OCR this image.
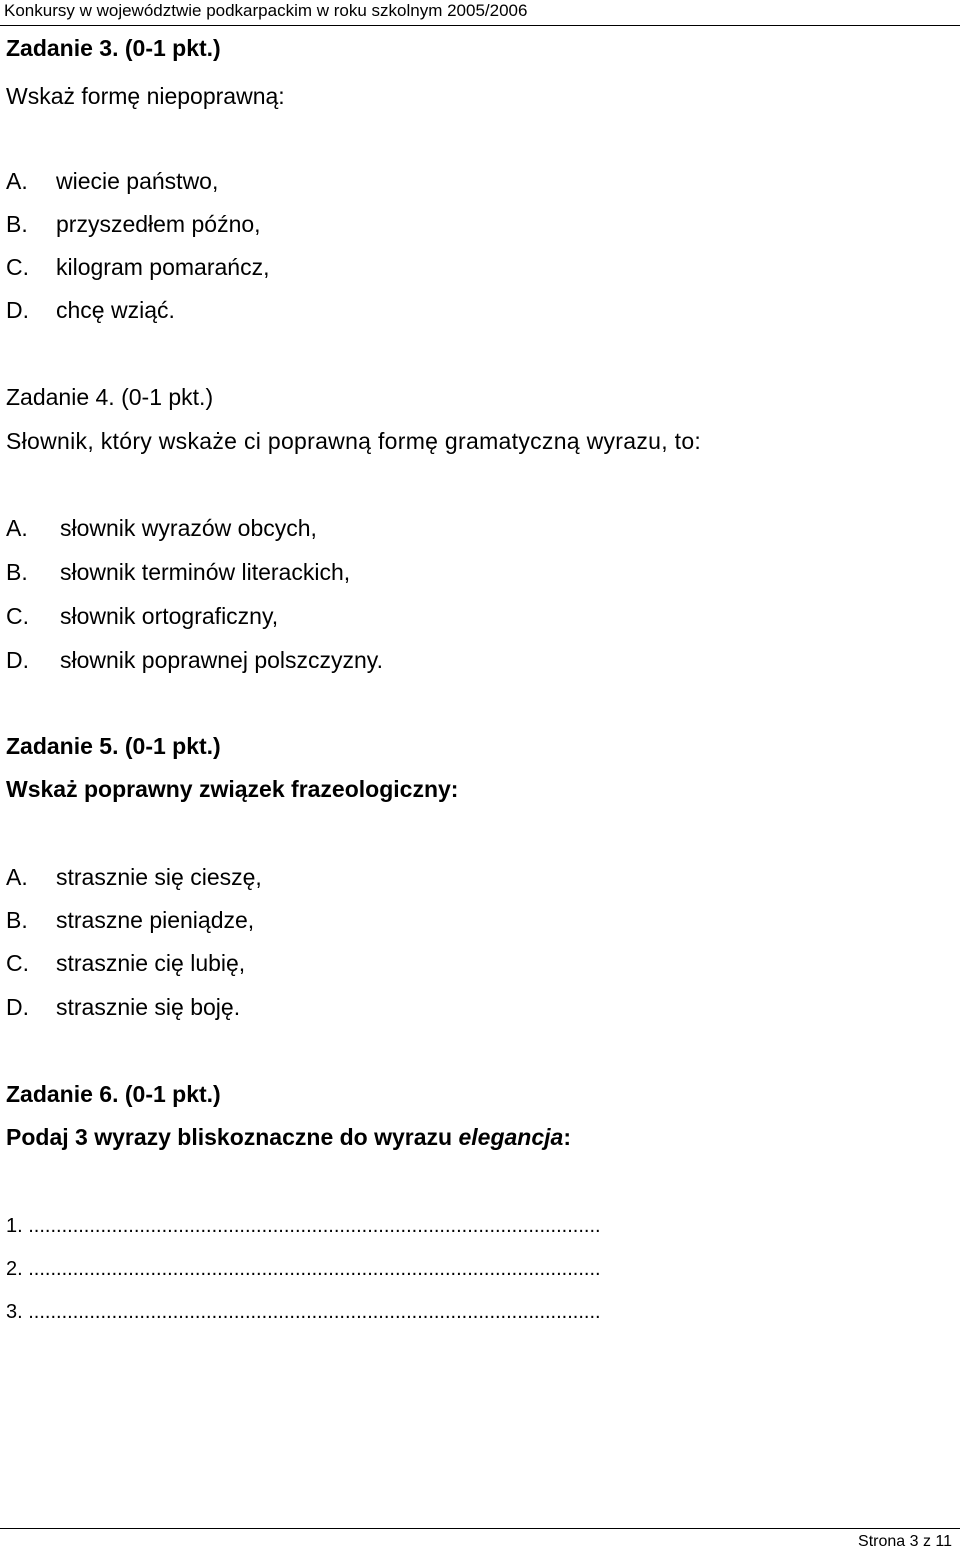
Konkursy w województwie podkarpackim w roku szkolnym 2005/2006
Zadanie 3. (0-1 pkt.)
Wskaż formę niepoprawną:
A. wiecie państwo,
B. przyszedłem późno,
C. kilogram pomarańcz,
D. chcę wziąć.
Zadanie 4. (0-1 pkt.)
Słownik, który wskaże ci poprawną formę gramatyczną wyrazu, to:
A. słownik wyrazów obcych,
B. słownik terminów literackich,
C. słownik ortograficzny,
D. słownik poprawnej polszczyzny.
Zadanie 5. (0-1 pkt.)
Wskaż poprawny związek frazeologiczny:
A. strasznie się cieszę,
B. straszne pieniądze,
C. strasznie cię lubię,
D. strasznie się boję.
Zadanie 6. (0-1 pkt.)
Podaj 3 wyrazy bliskoznaczne do wyrazu elegancja:
1. .......................................................................................................
2. .......................................................................................................
3. .......................................................................................................
Strona 3 z 11
